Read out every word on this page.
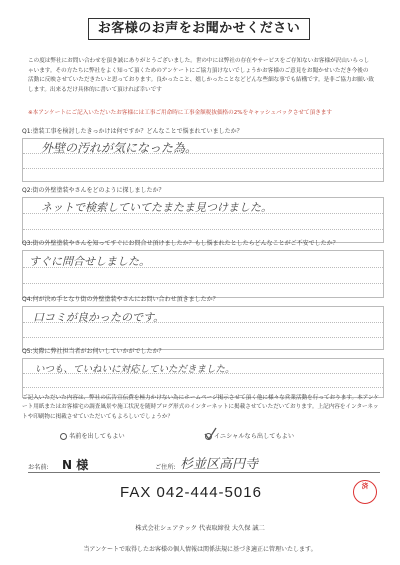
お客様のお声をお聞かせください
この度は弊社にお問い合わせを頂き誠にありがとうございました。世の中には弊社の存在やサービスをご存知ないお客様が沢山いらっしゃいます。その方たちに弊社をよく知って頂くためのアンケートにご協力頂けないでしょうかお客様のご意見をお聞かせいただき今後の活動に反映させていただきたいと思っております。良かったこと、嬉しかったことなどどんな些細な事でも結構です。是非ご協力お願い致します。出来るだけ具体的に書いて頂ければ幸いです
※本アンケートにご記入いただいたお客様には工事ご用命時に工事金額税抜価格の2%をキャッシュバックさせて頂きます
Q1:塗装工事を検討したきっかけは何ですか？どんなことで悩まれていましたか？
外壁の汚れが気になった為。
Q2:街の外壁塗装やさんをどのように探しましたか？
ネットで検索していてたまたま見つけました。
Q3:街の外壁塗装やさんを知ってすぐにお問合せ頂けましたか？もし悩まれたとしたらどんなことがご不安でしたか？
すぐに問合せしました。
Q4:何が決め手となり街の外壁塗装やさんにお問い合わせ頂きましたか？
口コミが良かったのです。
Q5:実際に弊社担当者がお伺いしていかがでしたか？
いつも、ていねいに対応していただきました。
ご記入いただいた内容は、弊社の広告宣伝費を極力かけない為にホームページ掲示させて頂く他に様々な営業活動を行っております。本アンケート用紙またはお客様宅の調査風景や施工状況を随時ブログ形式のインターネットに掲載させていただいております。上記内容をインターネットや印刷物に掲載させていただいてもよろしいでしょうか？
名前を出してもよい	イニシャルなら出してもよい
お名前: N 様	ご住所: 杉並区高円寺
FAX 042-444-5016	済
株式会社シェアテック 代表取締役 大久保 誠二
当アンケートで取得したお客様の個人情報は関係法規に基づき適正に管理いたします。
